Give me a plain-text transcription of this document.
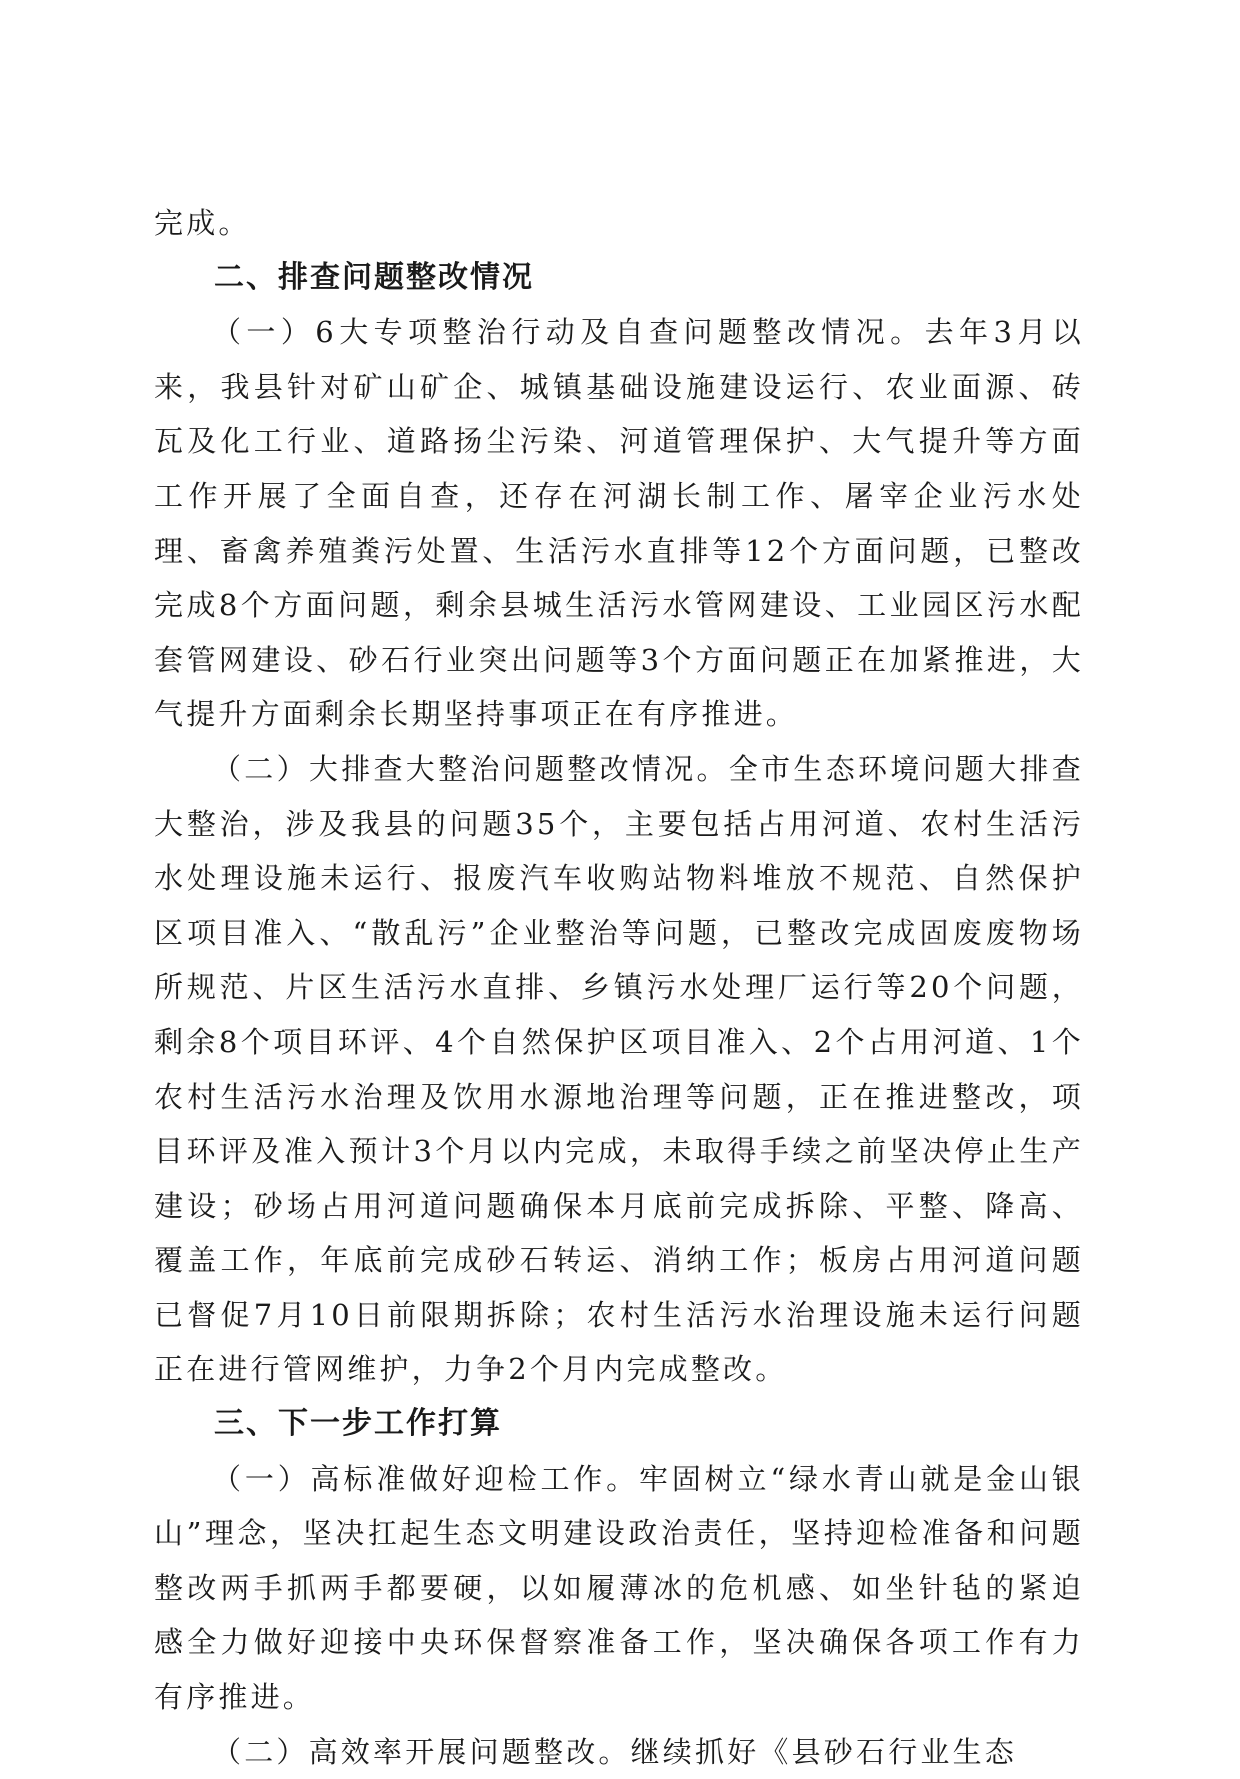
完成。

二、排查问题整改情况

（一）6大专项整治行动及自查问题整改情况。去年3月以来，我县针对矿山矿企、城镇基础设施建设运行、农业面源、砖瓦及化工行业、道路扬尘污染、河道管理保护、大气提升等方面工作开展了全面自查，还存在河湖长制工作、屠宰企业污水处理、畜禽养殖粪污处置、生活污水直排等12个方面问题，已整改完成8个方面问题，剩余县城生活污水管网建设、工业园区污水配套管网建设、砂石行业突出问题等3个方面问题正在加紧推进，大气提升方面剩余长期坚持事项正在有序推进。

（二）大排查大整治问题整改情况。全市生态环境问题大排查大整治，涉及我县的问题35个，主要包括占用河道、农村生活污水处理设施未运行、报废汽车收购站物料堆放不规范、自然保护区项目准入、“散乱污”企业整治等问题，已整改完成固废废物场所规范、片区生活污水直排、乡镇污水处理厂运行等20个问题，剩余8个项目环评、4个自然保护区项目准入、2个占用河道、1个农村生活污水治理及饮用水源地治理等问题，正在推进整改，项目环评及准入预计3个月以内完成，未取得手续之前坚决停止生产建设；砂场占用河道问题确保本月底前完成拆除、平整、降高、覆盖工作，年底前完成砂石转运、消纳工作；板房占用河道问题已督促7月10日前限期拆除；农村生活污水治理设施未运行问题正在进行管网维护，力争2个月内完成整改。

三、下一步工作打算

（一）高标准做好迎检工作。牢固树立“绿水青山就是金山银山”理念，坚决扛起生态文明建设政治责任，坚持迎检准备和问题整改两手抓两手都要硬，以如履薄冰的危机感、如坐针毡的紧迫感全力做好迎接中央环保督察准备工作，坚决确保各项工作有力有序推进。

（二）高效率开展问题整改。继续抓好《县砂石行业生态
